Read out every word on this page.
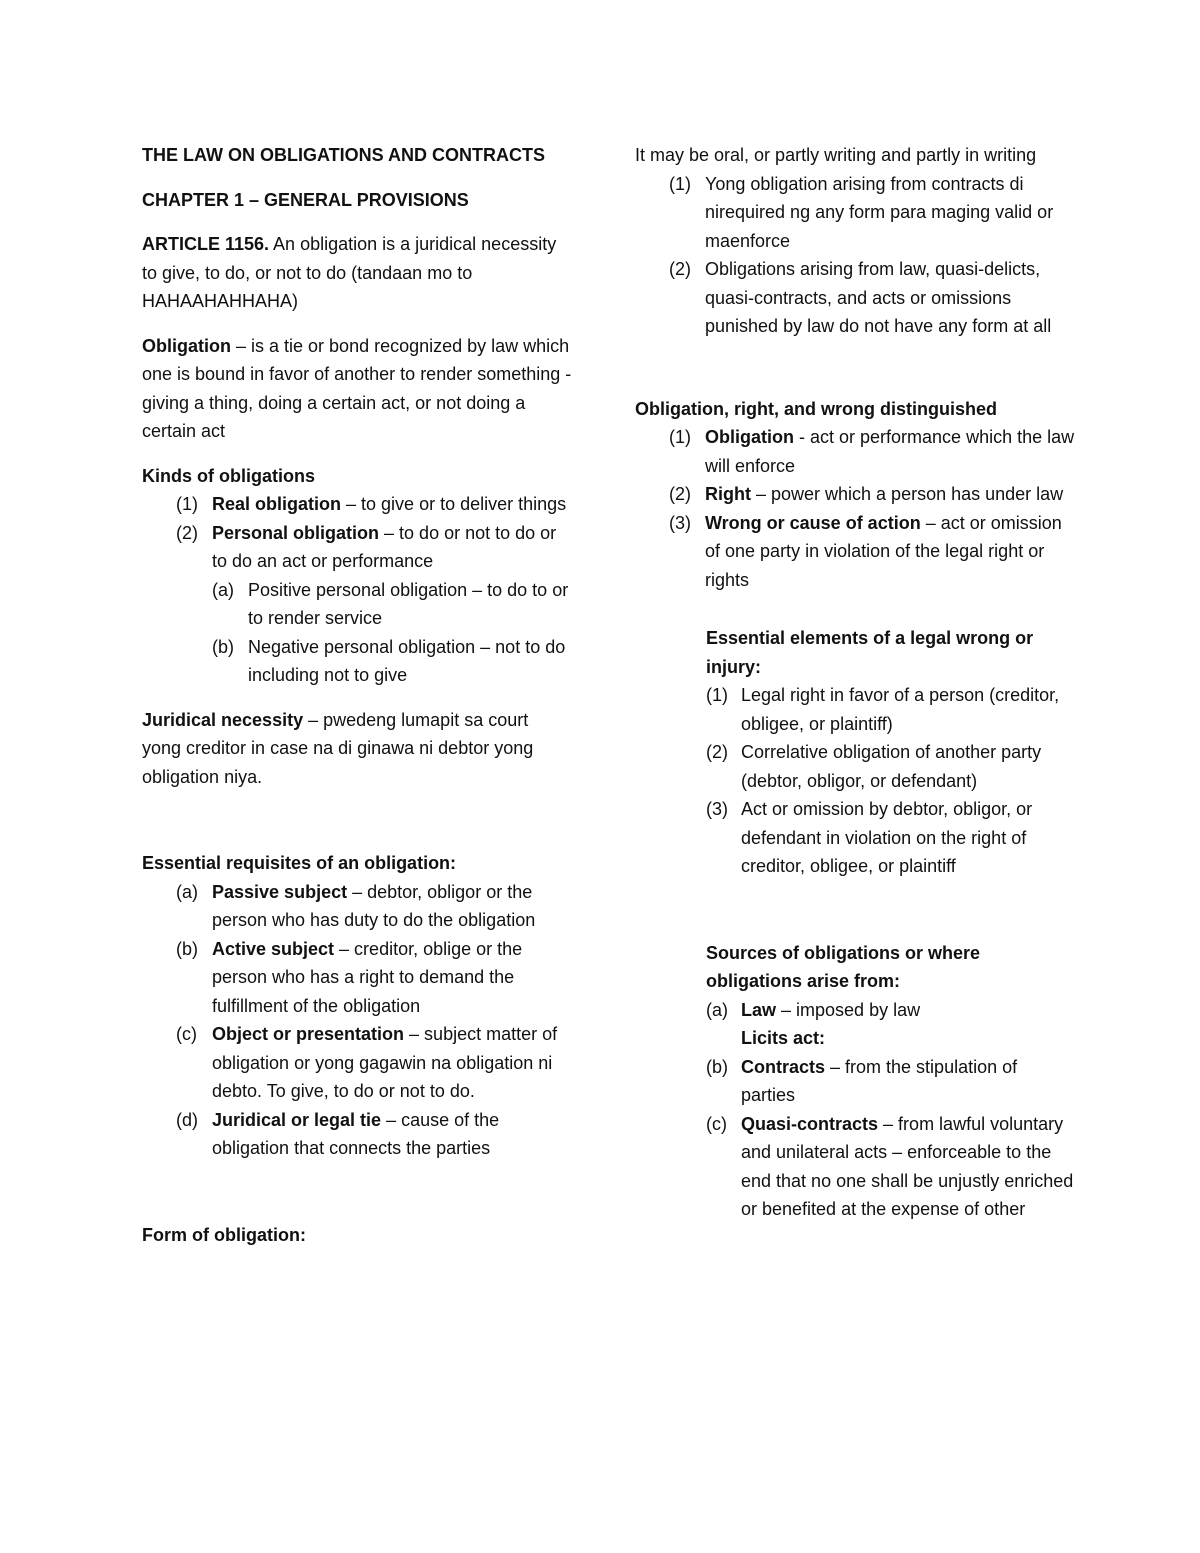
THE LAW ON OBLIGATIONS AND CONTRACTS

CHAPTER 1 – GENERAL PROVISIONS

ARTICLE 1156. An obligation is a juridical necessity to give, to do, or not to do (tandaan mo to HAHAAHAHHAHA)

Obligation – is a tie or bond recognized by law which one is bound in favor of another to render something - giving a thing, doing a certain act, or not doing a certain act

Kinds of obligations

(1) Real obligation – to give or to deliver things
(2) Personal obligation – to do or not to do or to do an act or performance
(a) Positive personal obligation – to do to or to render service
(b) Negative personal obligation – not to do including not to give

Juridical necessity – pwedeng lumapit sa court yong creditor in case na di ginawa ni debtor yong obligation niya.

Essential requisites of an obligation:

(a) Passive subject – debtor, obligor or the person who has duty to do the obligation
(b) Active subject – creditor, oblige or the person who has a right to demand the fulfillment of the obligation
(c) Object or presentation – subject matter of obligation or yong gagawin na obligation ni debto. To give, to do or not to do.
(d) Juridical or legal tie – cause of the obligation that connects the parties

Form of obligation:

It may be oral, or partly writing and partly in writing

(1) Yong obligation arising from contracts di nirequired ng any form para maging valid or maenforce
(2) Obligations arising from law, quasi-delicts, quasi-contracts, and acts or omissions punished by law do not have any form at all

Obligation, right, and wrong distinguished

(1) Obligation - act or performance which the law will enforce
(2) Right – power which a person has under law
(3) Wrong or cause of action – act or omission of one party in violation of the legal right or rights

Essential elements of a legal wrong or injury:

(1) Legal right in favor of a person (creditor, obligee, or plaintiff)
(2) Correlative obligation of another party (debtor, obligor, or defendant)
(3) Act or omission by debtor, obligor, or defendant in violation on the right of creditor, obligee, or plaintiff

Sources of obligations or where obligations arise from:

(a) Law – imposed by law
Licits act:
(b) Contracts – from the stipulation of parties
(c) Quasi-contracts – from lawful voluntary and unilateral acts – enforceable to the end that no one shall be unjustly enriched or benefited at the expense of other
